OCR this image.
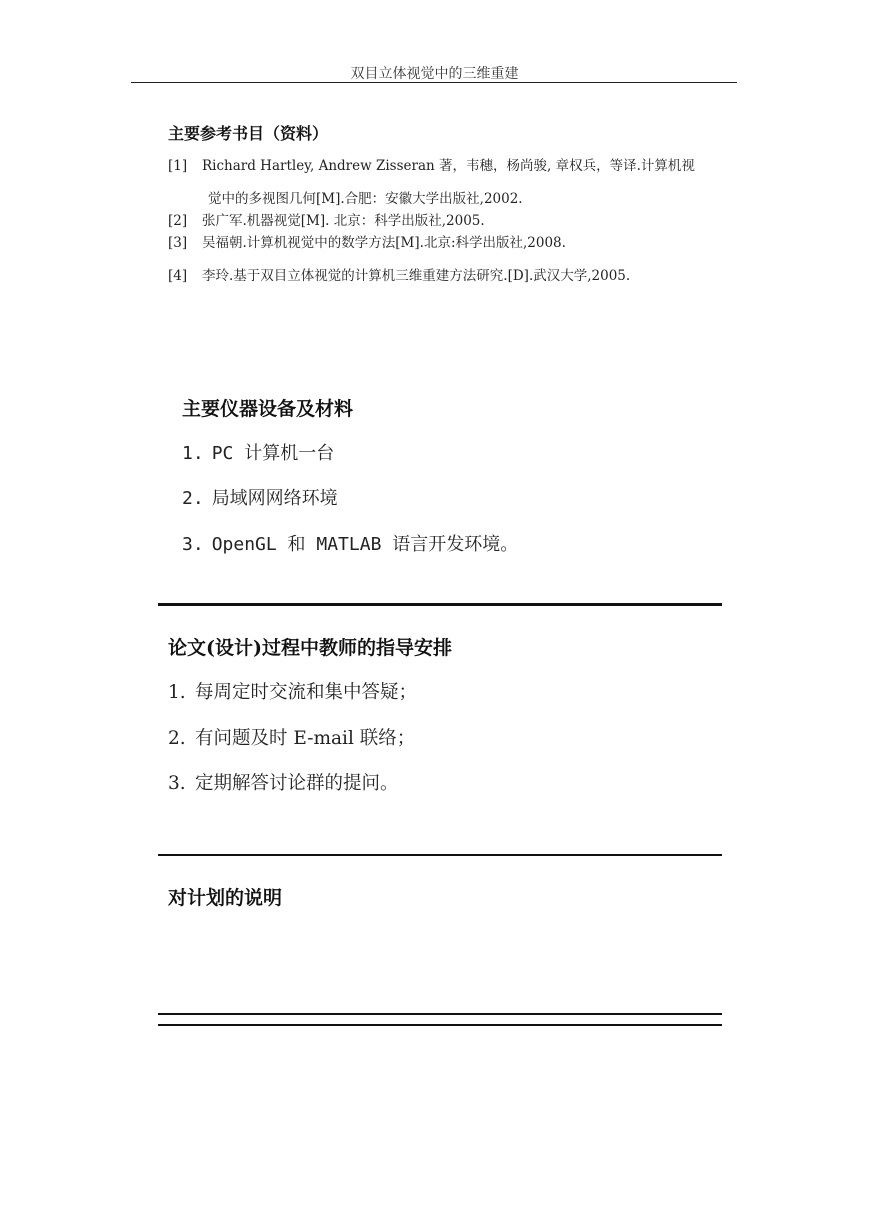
双目立体视觉中的三维重建
主要参考书目（资料）
[1] Richard Hartley, Andrew Zisseran 著，韦穗，杨尚骏, 章权兵，等译.计算机视
觉中的多视图几何[M].合肥：安徽大学出版社,2002.
[2] 张广军.机器视觉[M]. 北京：科学出版社,2005.
[3] 吴福朝.计算机视觉中的数学方法[M].北京:科学出版社,2008.
[4] 李玲.基于双目立体视觉的计算机三维重建方法研究.[D].武汉大学,2005.
主要仪器设备及材料
1. PC 计算机一台
2. 局域网网络环境
3. OpenGL 和 MATLAB 语言开发环境。
论文(设计)过程中教师的指导安排
1. 每周定时交流和集中答疑；
2. 有问题及时 E-mail 联络；
3. 定期解答讨论群的提问。
对计划的说明
